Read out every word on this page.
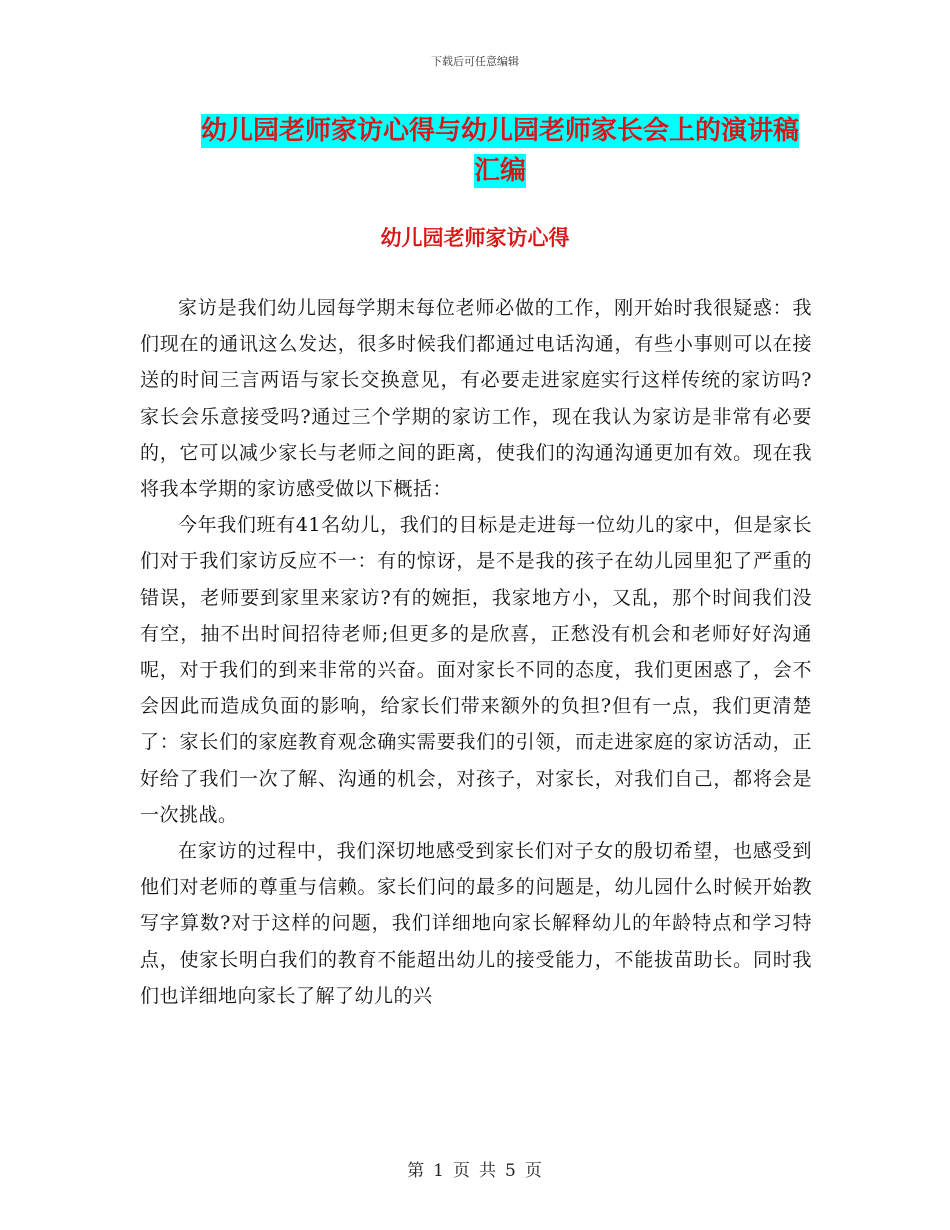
下载后可任意编辑
幼儿园老师家访心得与幼儿园老师家长会上的演讲稿
汇编
幼儿园老师家访心得

家访是我们幼儿园每学期末每位老师必做的工作，刚开始时我很疑惑：我们现在的通讯这么发达，很多时候我们都通过电话沟通，有些小事则可以在接送的时间三言两语与家长交换意见，有必要走进家庭实行这样传统的家访吗?家长会乐意接受吗?通过三个学期的家访工作，现在我认为家访是非常有必要的，它可以减少家长与老师之间的距离，使我们的沟通沟通更加有效。现在我将我本学期的家访感受做以下概括：

今年我们班有41名幼儿，我们的目标是走进每一位幼儿的家中，但是家长们对于我们家访反应不一：有的惊讶，是不是我的孩子在幼儿园里犯了严重的错误，老师要到家里来家访?有的婉拒，我家地方小，又乱，那个时间我们没有空，抽不出时间招待老师;但更多的是欣喜，正愁没有机会和老师好好沟通呢，对于我们的到来非常的兴奋。面对家长不同的态度，我们更困惑了，会不会因此而造成负面的影响，给家长们带来额外的负担?但有一点，我们更清楚了：家长们的家庭教育观念确实需要我们的引领，而走进家庭的家访活动，正好给了我们一次了解、沟通的机会，对孩子，对家长，对我们自己，都将会是一次挑战。

在家访的过程中，我们深切地感受到家长们对子女的殷切希望，也感受到他们对老师的尊重与信赖。家长们问的最多的问题是，幼儿园什么时候开始教写字算数?对于这样的问题，我们详细地向家长解释幼儿的年龄特点和学习特点，使家长明白我们的教育不能超出幼儿的接受能力，不能拔苗助长。同时我们也详细地向家长了解了幼儿的兴

第 1 页 共 5 页
